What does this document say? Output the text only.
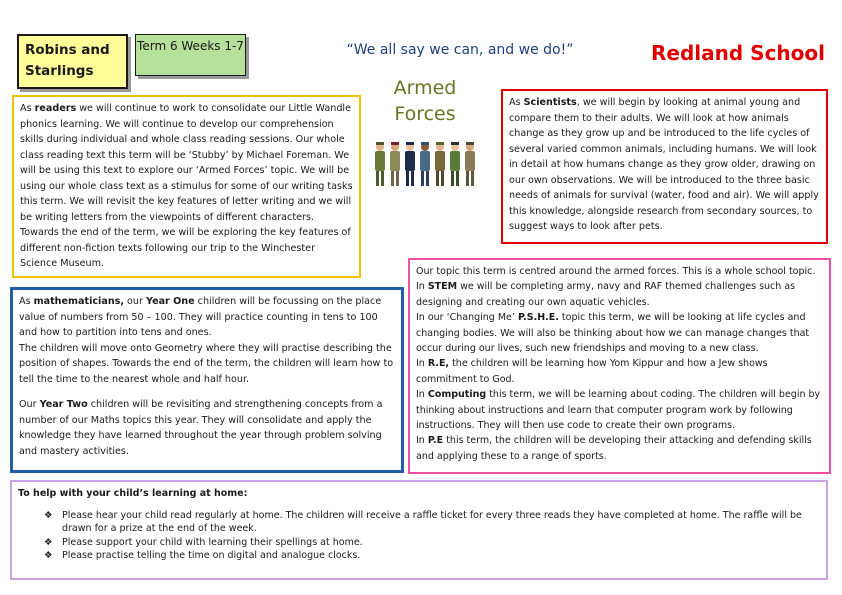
Robins and Starlings
Term 6 Weeks 1-7	“We all say we can, and we do!”	Redland School
Armed
Forces

As readers we will continue to work to consolidate our Little Wandle phonics learning. We will continue to develop our comprehension skills during individual and whole class reading sessions. Our whole class reading text this term will be ‘Stubby’ by Michael Foreman. We will be using this text to explore our ‘Armed Forces’ topic. We will be using our whole class text as a stimulus for some of our writing tasks this term. We will revisit the key features of letter writing and we will be writing letters from the viewpoints of different characters. Towards the end of the term, we will be exploring the key features of different non-fiction texts following our trip to the Winchester Science Museum.

As Scientists, we will begin by looking at animal young and compare them to their adults. We will look at how animals change as they grow up and be introduced to the life cycles of several varied common animals, including humans. We will look in detail at how humans change as they grow older, drawing on our own observations. We will be introduced to the three basic needs of animals for survival (water, food and air). We will apply this knowledge, alongside research from secondary sources, to suggest ways to look after pets.

As mathematicians, our Year One children will be focussing on the place value of numbers from 50 – 100. They will practice counting in tens to 100 and how to partition into tens and ones.

The children will move onto Geometry where they will practise describing the position of shapes. Towards the end of the term, the children will learn how to tell the time to the nearest whole and half hour.

Our Year Two children will be revisiting and strengthening concepts from a number of our Maths topics this year. They will consolidate and apply the knowledge they have learned throughout the year through problem solving and mastery activities.

Our topic this term is centred around the armed forces. This is a whole school topic.

In STEM we will be completing army, navy and RAF themed challenges such as designing and creating our own aquatic vehicles.

In our ‘Changing Me’ P.S.H.E. topic this term, we will be looking at life cycles and changing bodies. We will also be thinking about how we can manage changes that occur during our lives, such new friendships and moving to a new class.

In R.E, the children will be learning how Yom Kippur and how a Jew shows commitment to God.

In Computing this term, we will be learning about coding. The children will begin by thinking about instructions and learn that computer program work by following instructions. They will then use code to create their own programs.

In P.E this term, the children will be developing their attacking and defending skills and applying these to a range of sports.

To help with your child’s learning at home:
❖ Please hear your child read regularly at home. The children will receive a raffle ticket for every three reads they have completed at home. The raffle will be drawn for a prize at the end of the week.
❖ Please support your child with learning their spellings at home.
❖ Please practise telling the time on digital and analogue clocks.
